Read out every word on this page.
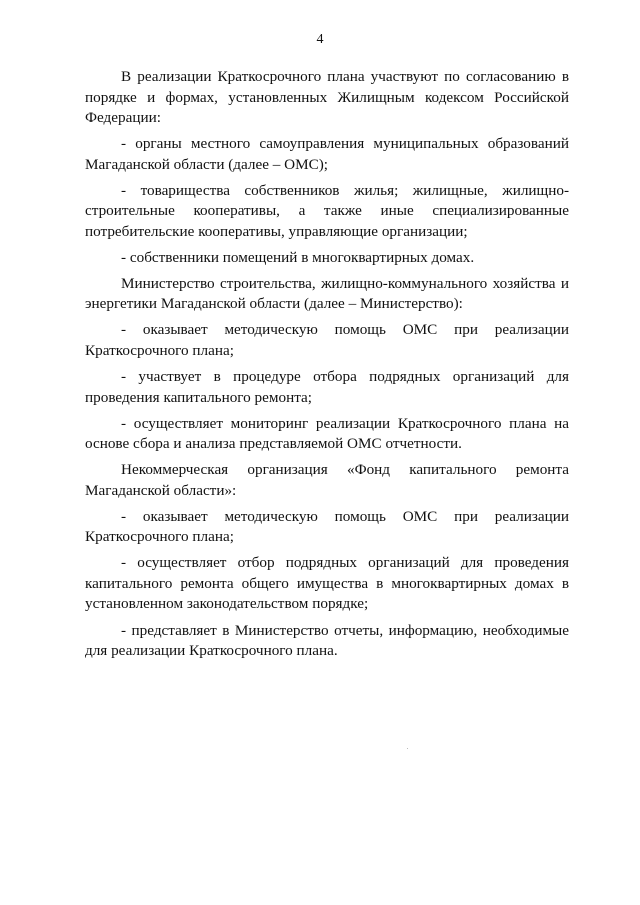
4

В реализации Краткосрочного плана участвуют по согласованию в порядке и формах, установленных Жилищным кодексом Российской Федерации:

- органы местного самоуправления муниципальных образований Магаданской области (далее – ОМС);

- товарищества собственников жилья; жилищные, жилищно-строительные кооперативы, а также иные специализированные потребительские кооперативы, управляющие организации;

- собственники помещений в многоквартирных домах.

Министерство строительства, жилищно-коммунального хозяйства и энергетики Магаданской области (далее – Министерство):

- оказывает методическую помощь ОМС при реализации Краткосрочного плана;

- участвует в процедуре отбора подрядных организаций для проведения капитального ремонта;

- осуществляет мониторинг реализации Краткосрочного плана на основе сбора и анализа представляемой ОМС отчетности.

Некоммерческая организация «Фонд капитального ремонта Магаданской области»:

- оказывает методическую помощь ОМС при реализации Краткосрочного плана;

- осуществляет отбор подрядных организаций для проведения капитального ремонта общего имущества в многоквартирных домах в установленном законодательством порядке;

- представляет в Министерство отчеты, информацию, необходимые для реализации Краткосрочного плана.
